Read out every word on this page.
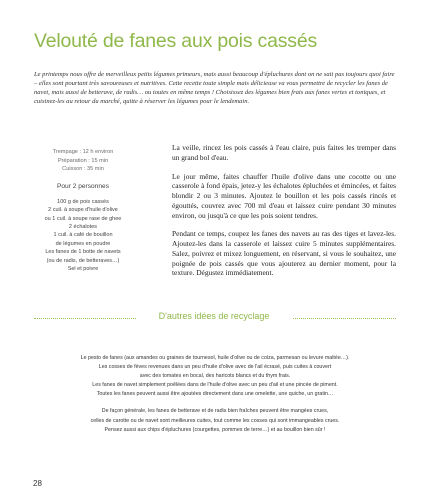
Velouté de fanes aux pois cassés

Le printemps nous offre de merveilleux petits légumes primeurs, mais aussi beaucoup d'épluchures dont on ne sait pas toujours quoi faire – elles sont pourtant très savoureuses et nutritives. Cette recette toute simple mais délicieuse va vous permettre de recycler les fanes de navet, mais aussi de betterave, de radis… ou toutes en même temps ! Choisissez des légumes bien frais aux fanes vertes et toniques, et cuisinez-les au retour du marché, quitte à réserver les légumes pour le lendemain.

Trempage : 12 h environ
Préparation : 15 min
Cuisson : 35 min
Pour 2 personnes
100 g de pois cassés
2 cuil. à soupe d'huile d'olive
ou 1 cuil. à soupe rase de ghee
2 échalotes
1 cuil. à café de bouillon
de légumes en poudre
Les fanes de 1 botte de navets
(ou de radis, de betteraves…)
Sel et poivre

La veille, rincez les pois cassés à l'eau claire, puis faites les tremper dans un grand bol d'eau.

Le jour même, faites chauffer l'huile d'olive dans une cocotte ou une casserole à fond épais, jetez-y les échalotes épluchées et émincées, et faites blondir 2 ou 3 minutes. Ajoutez le bouillon et les pois cassés rincés et égouttés, couvrez avec 700 ml d'eau et laissez cuire pendant 30 minutes environ, ou jusqu'à ce que les pois soient tendres.

Pendant ce temps, coupez les fanes des navets au ras des tiges et lavez-les. Ajoutez-les dans la casserole et laissez cuire 5 minutes supplémentaires. Salez, poivrez et mixez longuement, en réservant, si vous le souhaitez, une poignée de pois cassés que vous ajouterez au dernier moment, pour la texture. Dégustez immédiatement.

D'autres idées de recyclage

Le pesto de fanes (aux amandes ou graines de tournesol, huile d'olive ou de colza, parmesan ou levure maltée…).
Les cosses de fèves revenues dans un peu d'huile d'olive avec de l'ail écrasé, puis cuites à couvert
avec des tomates en bocal, des haricots blancs et du thym frais.
Les fanes de navet simplement poêlées dans de l'huile d'olive avec un peu d'ail et une pincée de piment.
Toutes les fanes peuvent aussi être ajoutées directement dans une omelette, une quiche, un gratin…

De façon générale, les fanes de betterave et de radis bien fraîches peuvent être mangées crues,
celles de carotte ou de navet sont meilleures cuites, tout comme les cosses qui sont immangeables crues.
Pensez aussi aux chips d'épluchures (courgettes, pommes de terre…) et au bouillon bien sûr !

28
